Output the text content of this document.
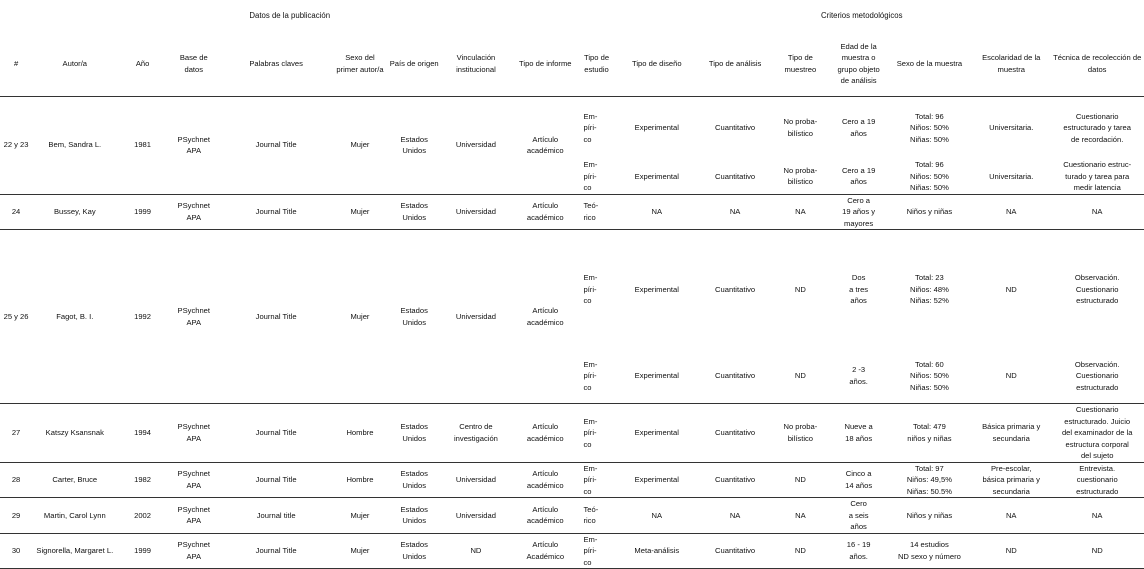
Datos de la publicación									Criterios metodológicos							
#	Autor/a	Año	Base de datos	Palabras claves	Sexo del primer autor/a	País de origen	Vinculación institucional	Tipo de informe	Tipo de estudio	Tipo de diseño	Tipo de análisis	Tipo de muestreo	Edad de la muestra o grupo objeto de análisis	Sexo de la muestra	Escolaridad de la muestra	Técnica de recolección de datos
22 y 23	Bem, Sandra L.	1981	PSychnet APA	Journal Title	Mujer	Estados Unidos	Universidad	Artículo académico	Em-
píri-
co	Experimental	Cuantitativo	No proba-
bilístico	Cero a 19
años	Total: 96
Niños: 50%
Niñas: 50%	Universitaria.	Cuestionario
estructurado y tarea
de recordación.
									Em-
píri-
co	Experimental	Cuantitativo	No proba-
bilístico	Cero a 19
años	Total: 96
Niños: 50%
Niñas: 50%	Universitaria.	Cuestionario estruc-
turado y tarea para
medir latencia
24	Bussey, Kay	1999	PSychnet APA	Journal Title	Mujer	Estados Unidos	Universidad	Artículo académico	Teó-
rico	NA	NA	NA	Cero a
19 años y
mayores	Niños y niñas	NA	NA
25 y 26	Fagot, B. I.	1992	PSychnet APA	Journal Title	Mujer	Estados Unidos	Universidad	Artículo académico	Em-
píri-
co	Experimental	Cuantitativo	ND	Dos
a tres
años	Total: 23
Niños: 48%
Niñas: 52%	ND	Observación.
Cuestionario
estructurado
									Em-
píri-
co	Experimental	Cuantitativo	ND	2 -3
años.	Total: 60
Niños: 50%
Niñas: 50%	ND	Observación.
Cuestionario
estructurado
27	Katszy Ksansnak	1994	PSychnet APA	Journal Title	Hombre	Estados Unidos	Centro de investigación	Artículo académico	Em-
píri-
co	Experimental	Cuantitativo	No proba-
bilístico	Nueve a
18 años	Total: 479
niños y niñas	Básica primaria y
secundaria	Cuestionario
estructurado. Juicio
del examinador de la
estructura corporal
del sujeto
28	Carter, Bruce	1982	PSychnet APA	Journal Title	Hombre	Estados Unidos	Universidad	Artículo académico	Em-
píri-
co	Experimental	Cuantitativo	ND	Cinco a
14 años	Total: 97
Niños: 49,5%
Niñas: 50.5%	Pre-escolar,
básica primaria y
secundaria	Entrevista.
cuestionario
estructurado
29	Martin, Carol Lynn	2002	PSychnet APA	Journal title	Mujer	Estados Unidos	Universidad	Artículo académico	Teó-
rico	NA	NA	NA	Cero
a seis
años	Niños y niñas	NA	NA
30	Signorella, Margaret L.	1999	PSychnet APA	Journal Title	Mujer	Estados Unidos	ND	Artículo Académico	Em-
píri-
co	Meta-análisis	Cuantitativo	ND	16 - 19
años.	14 estudios
ND sexo y número	ND	ND
